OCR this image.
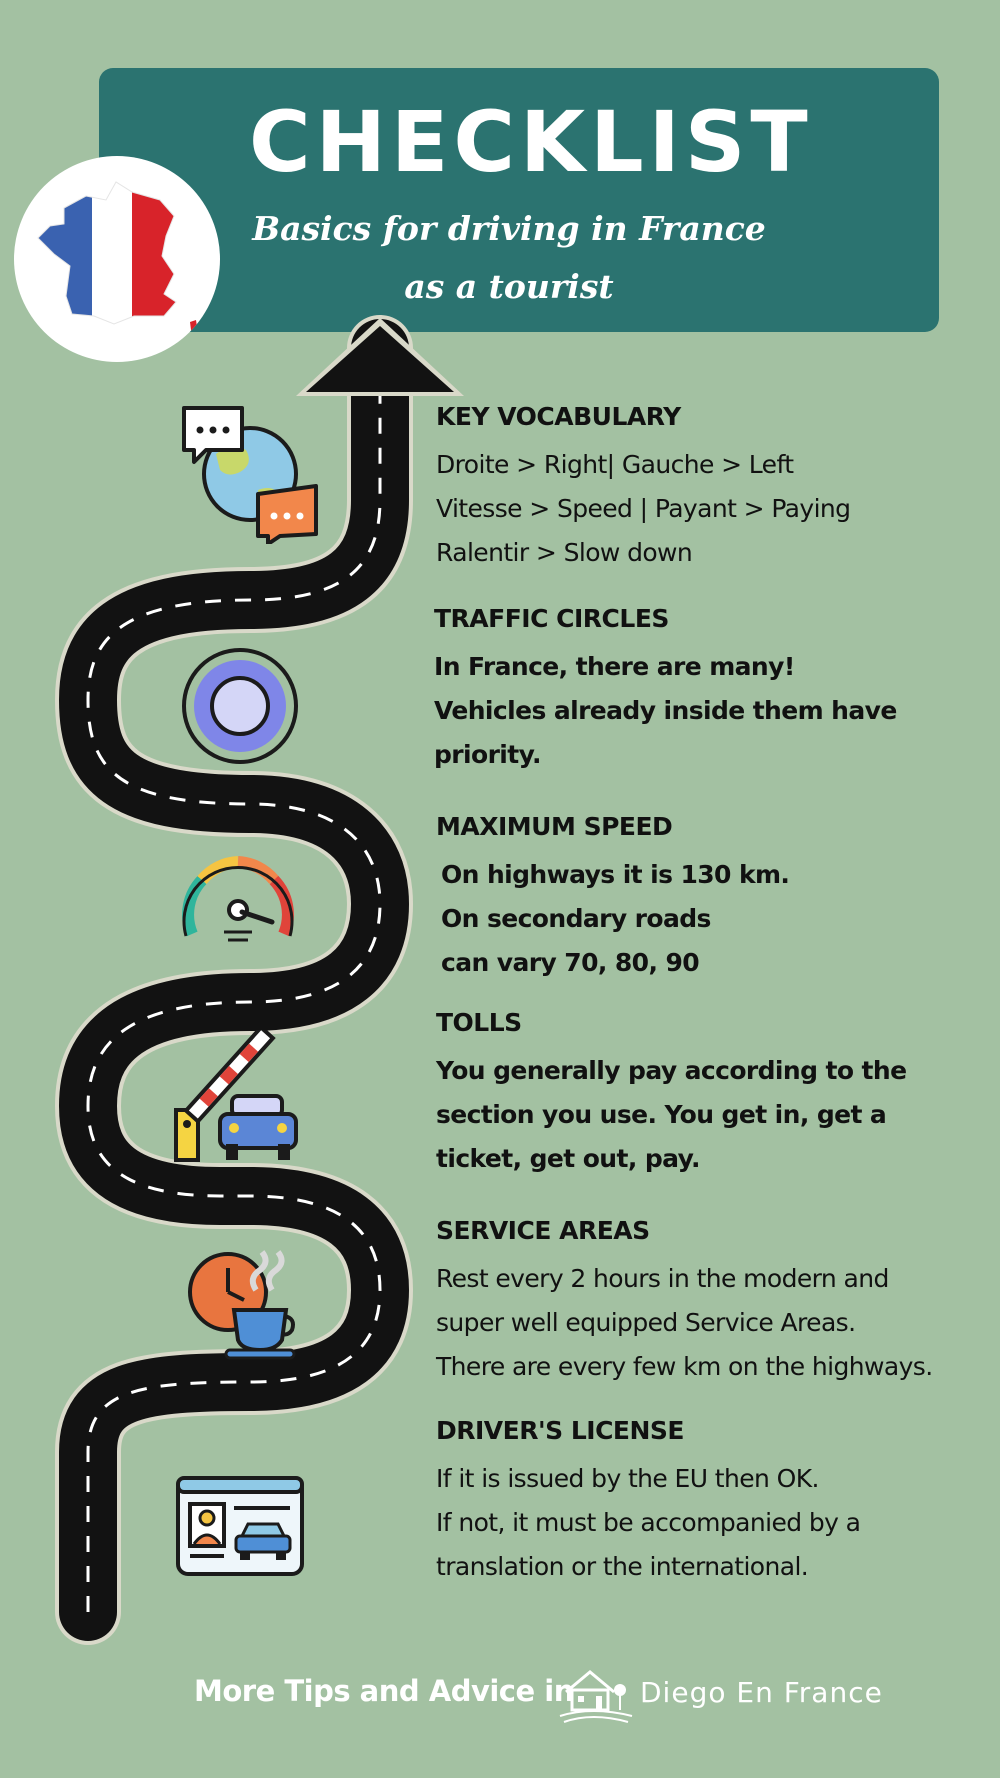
CHECKLIST
Basics for driving in France
as a tourist
KEY VOCABULARY
Droite > Right| Gauche > Left
Vitesse > Speed | Payant > Paying
Ralentir > Slow down
TRAFFIC CIRCLES
In France, there are many!
Vehicles already inside them have
priority.
MAXIMUM SPEED
On highways it is 130 km.
On secondary roads
can vary 70, 80, 90
TOLLS
You generally pay according to the
section you use. You get in, get a
ticket, get out, pay.
SERVICE AREAS
Rest every 2 hours in the modern and
super well equipped Service Areas.
There are every few km on the highways.
DRIVER'S LICENSE
If it is issued by the EU then OK.
If not, it must be accompanied by a
translation or the international.
More Tips and Advice in Diego En France
